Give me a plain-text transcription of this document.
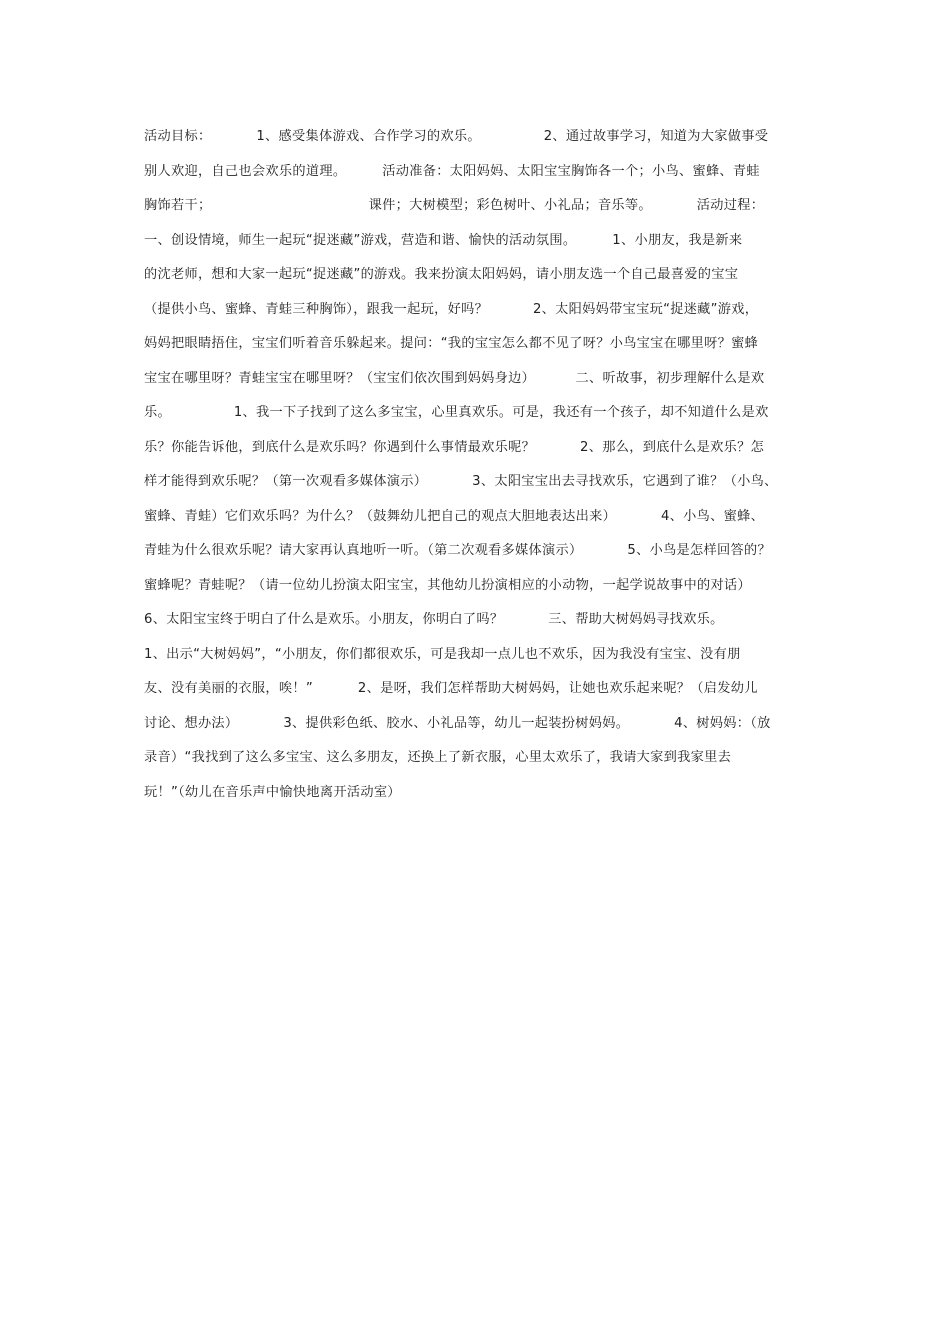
活动目标：          1、感受集体游戏、合作学习的欢乐。              2、通过故事学习，知道为大家做事受
别人欢迎，自己也会欢乐的道理。        活动准备：太阳妈妈、太阳宝宝胸饰各一个；小鸟、蜜蜂、青蛙
胸饰若干；                                   课件；大树模型；彩色树叶、小礼品；音乐等。          活动过程：
一、创设情境，师生一起玩“捉迷藏”游戏，营造和谐、愉快的活动氛围。        1、小朋友，我是新来
的沈老师，想和大家一起玩“捉迷藏”的游戏。我来扮演太阳妈妈，请小朋友选一个自己最喜爱的宝宝
（提供小鸟、蜜蜂、青蛙三种胸饰），跟我一起玩，好吗？          2、太阳妈妈带宝宝玩“捉迷藏”游戏，
妈妈把眼睛捂住，宝宝们听着音乐躲起来。提问：“我的宝宝怎么都不见了呀？小鸟宝宝在哪里呀？蜜蜂
宝宝在哪里呀？青蛙宝宝在哪里呀？（宝宝们依次围到妈妈身边）         二、听故事，初步理解什么是欢
乐。              1、我一下子找到了这么多宝宝，心里真欢乐。可是，我还有一个孩子，却不知道什么是欢
乐？你能告诉他，到底什么是欢乐吗？你遇到什么事情最欢乐呢？          2、那么，到底什么是欢乐？怎
样才能得到欢乐呢？（第一次观看多媒体演示）          3、太阳宝宝出去寻找欢乐，它遇到了谁？（小鸟、
蜜蜂、青蛙）它们欢乐吗？为什么？（鼓舞幼儿把自己的观点大胆地表达出来）          4、小鸟、蜜蜂、
青蛙为什么很欢乐呢？请大家再认真地听一听。（第二次观看多媒体演示）          5、小鸟是怎样回答的？
蜜蜂呢？青蛙呢？（请一位幼儿扮演太阳宝宝，其他幼儿扮演相应的小动物，一起学说故事中的对话）
6、太阳宝宝终于明白了什么是欢乐。小朋友，你明白了吗？          三、帮助大树妈妈寻找欢乐。
1、出示“大树妈妈”，“小朋友，你们都很欢乐，可是我却一点儿也不欢乐，因为我没有宝宝、没有朋
友、没有美丽的衣服，唉！”          2、是呀，我们怎样帮助大树妈妈，让她也欢乐起来呢？（启发幼儿
讨论、想办法）          3、提供彩色纸、胶水、小礼品等，幼儿一起装扮树妈妈。          4、树妈妈：（放
录音）“我找到了这么多宝宝、这么多朋友，还换上了新衣服，心里太欢乐了，我请大家到我家里去
玩！”（幼儿在音乐声中愉快地离开活动室）
